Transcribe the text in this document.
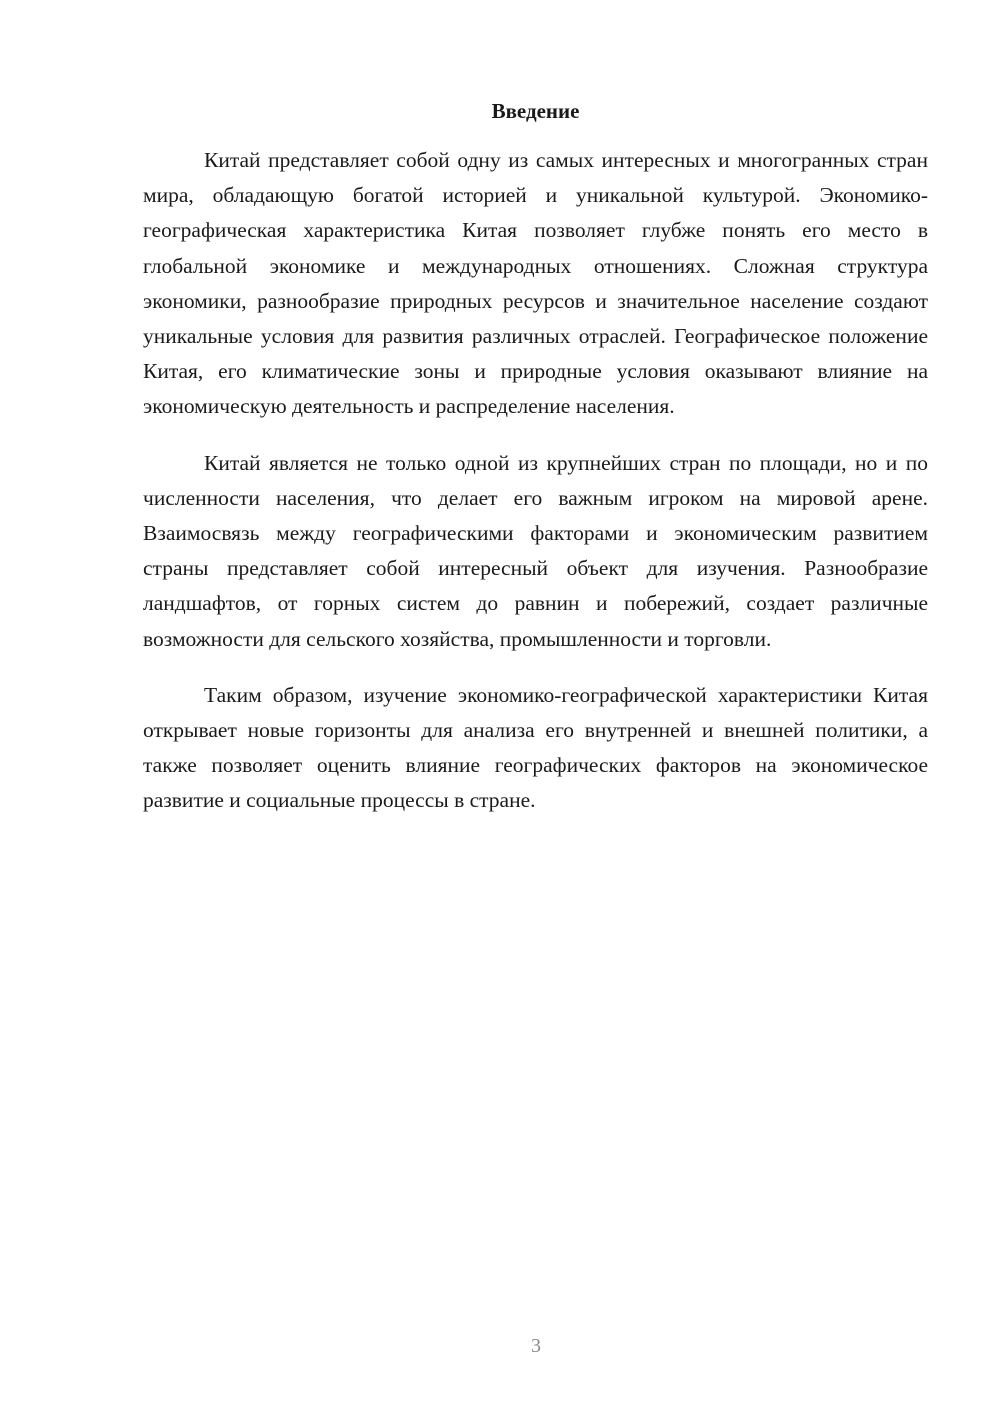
Введение

Китай представляет собой одну из самых интересных и многогранных стран мира, обладающую богатой историей и уникальной культурой. Экономико-географическая характеристика Китая позволяет глубже понять его место в глобальной экономике и международных отношениях. Сложная структура экономики, разнообразие природных ресурсов и значительное население создают уникальные условия для развития различных отраслей. Географическое положение Китая, его климатические зоны и природные условия оказывают влияние на экономическую деятельность и распределение населения.

Китай является не только одной из крупнейших стран по площади, но и по численности населения, что делает его важным игроком на мировой арене. Взаимосвязь между географическими факторами и экономическим развитием страны представляет собой интересный объект для изучения. Разнообразие ландшафтов, от горных систем до равнин и побережий, создает различные возможности для сельского хозяйства, промышленности и торговли.

Таким образом, изучение экономико-географической характеристики Китая открывает новые горизонты для анализа его внутренней и внешней политики, а также позволяет оценить влияние географических факторов на экономическое развитие и социальные процессы в стране.

3
